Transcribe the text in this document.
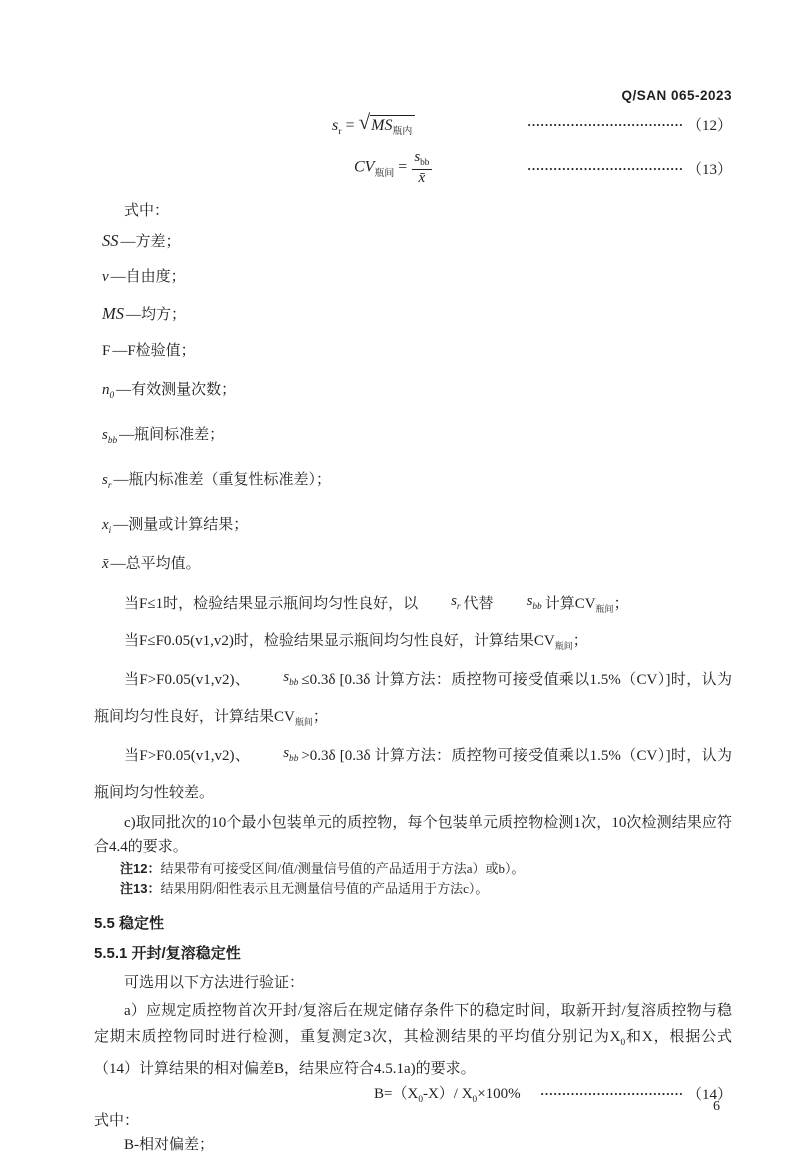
Q/SAN 065-2023
$s_r = √MS_{瓶内}$
……………………………… （12）
$CV_{瓶间} = \frac{s_{bb}}{x̄}$	……………………………… （13）
式中：
SS —方差；
v —自由度；
MS —均方；
F —F检验值；
$n_0$ —有效测量次数；
$s_{bb}$ —瓶间标准差；
$s_r$ —瓶内标准差（重复性标准差）；
$x_i$ —测量或计算结果；
x̄ —总平均值。

当F≤1时，检验结果显示瓶间均匀性良好，以 $s_r$ 代替 $s_{bb}$ 计算$CV_{瓶间}$；

当F≤F0.05(v1,v2)时，检验结果显示瓶间均匀性良好，计算结果$CV_{瓶间}$；

当F>F0.05(v1,v2)、 $s_{bb} \le 0.3\delta$ [0.3δ 计算方法：质控物可接受值乘以1.5%（CV）]时，认为瓶间均匀性良好，计算结果$CV_{瓶间}$；

当F>F0.05(v1,v2)、 $s_{bb} >0.3\delta$ [0.3δ 计算方法：质控物可接受值乘以1.5%（CV）]时，认为瓶间均匀性较差。

c)取同批次的10个最小包装单元的质控物，每个包装单元质控物检测1次，10次检测结果应符合4.4的要求。

注12：结果带有可接受区间/值/测量信号值的产品适用于方法a）或b）。

注13：结果用阴/阳性表示且无测量信号值的产品适用于方法c）。

5.5 稳定性
5.5.1 开封/复溶稳定性

可选用以下方法进行验证：

a）应规定质控物首次开封/复溶后在规定储存条件下的稳定时间，取新开封/复溶质控物与稳定期末质控物同时进行检测，重复测定3次，其检测结果的平均值分别记为$X_0$和X，根据公式（14）计算结果的相对偏差B，结果应符合4.5.1a)的要求。

$B=(X_0-X)/$ $X_0\times 100\%$ …………………………… （14）
式中：

B-相对偏差；

6
